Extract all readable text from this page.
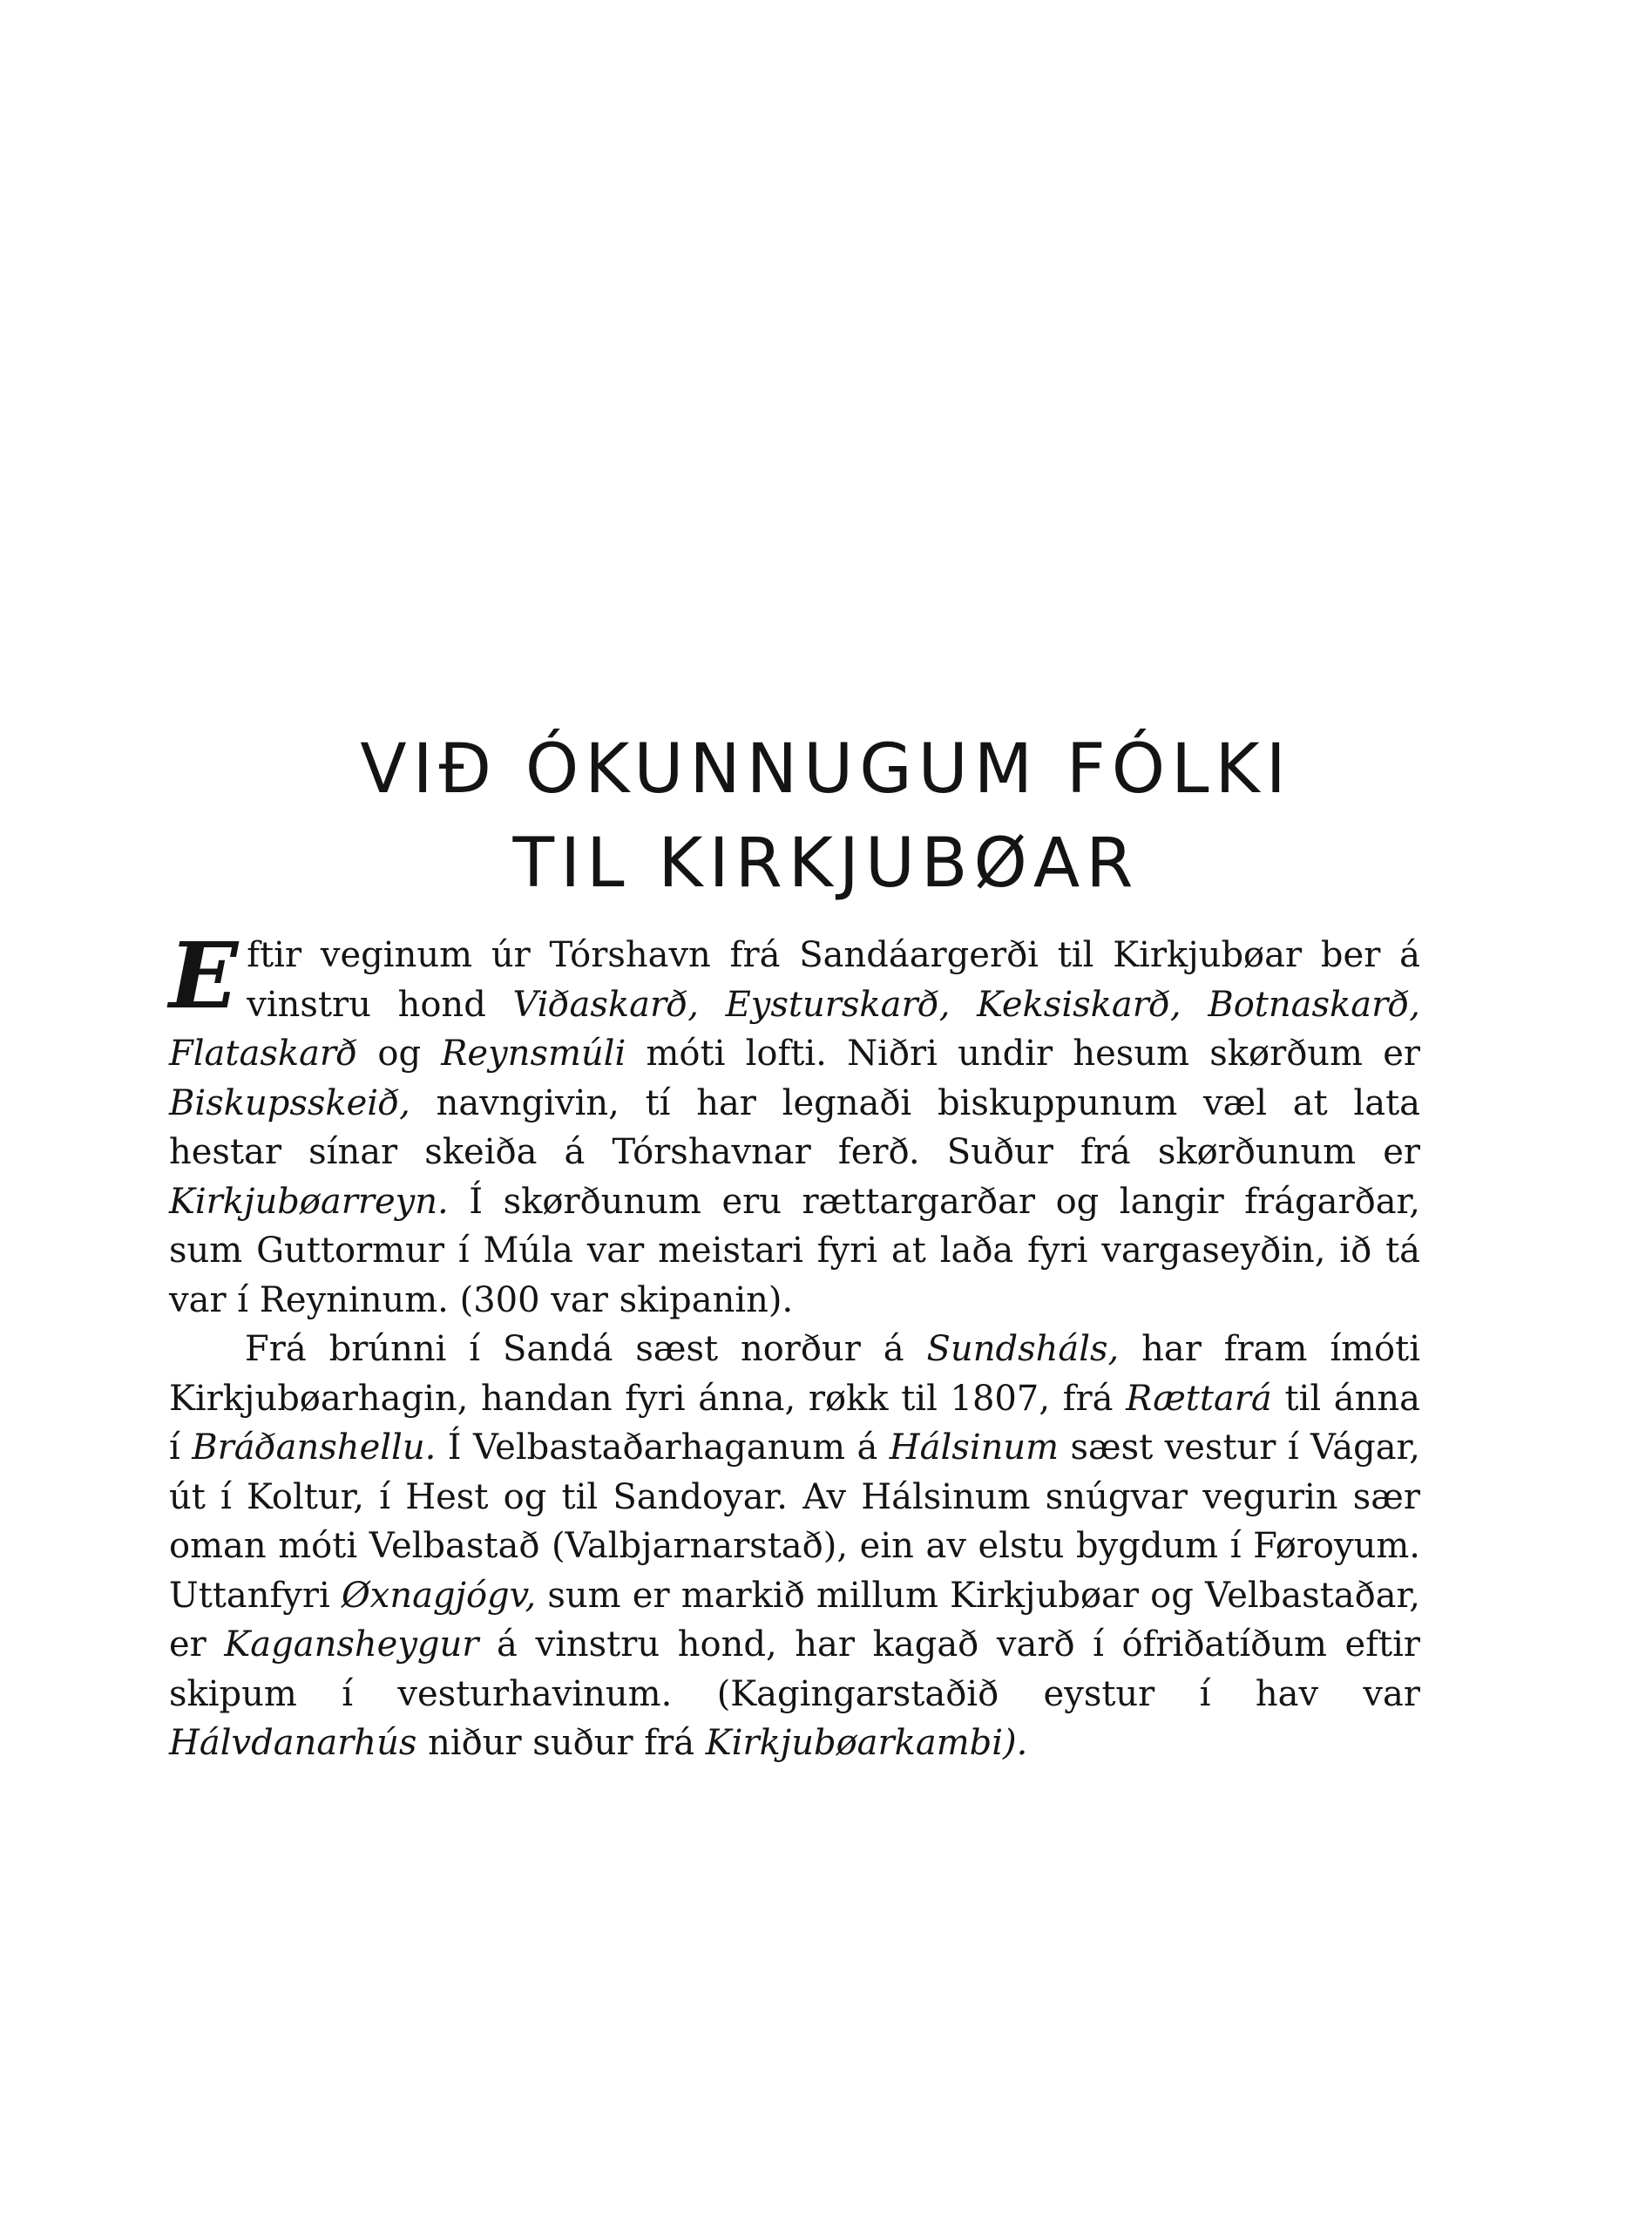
VIÐ ÓKUNNUGUM FÓLKI
TIL KIRKJUBØAR

Eftir veginum úr Tórshavn frá Sandáargerði til Kirkjubøar ber á vinstru hond Viðaskarð, Eysturskarð, Keksiskarð, Botnaskarð, Flataskarð og Reynsmúli móti lofti. Niðri undir hesum skørðum er Biskupsskeið, navngivin, tí har legnaði biskuppunum væl at lata hestar sínar skeiða á Tórshavnar ferð. Suður frá skørðunum er Kirkjubøarreyn. Í skørðunum eru rættargarðar og langir frágarðar, sum Guttormur í Múla var meistari fyri at laða fyri vargaseyðin, ið tá var í Reyninum. (300 var skipanin).

Frá brúnni í Sandá sæst norður á Sundsháls, har fram ímóti Kirkjubøarhagin, handan fyri ánna, røkk til 1807, frá Rættará til ánna í Bráðanshellu. Í Velbastaðarhaganum á Hálsinum sæst vestur í Vágar, út í Koltur, í Hest og til Sandoyar. Av Hálsinum snúgvar vegurin sær oman móti Velbastað (Valbjarnarstað), ein av elstu bygdum í Føroyum. Uttanfyri Øxnagjógv, sum er markið millum Kirkjubøar og Velbastaðar, er Kagansheygur á vinstru hond, har kagað varð í ófriðatíðum eftir skipum í vesturhavinum. (Kagingarstaðið eystur í hav var Hálvdanarhús niður suður frá Kirkjubøarkambi).
